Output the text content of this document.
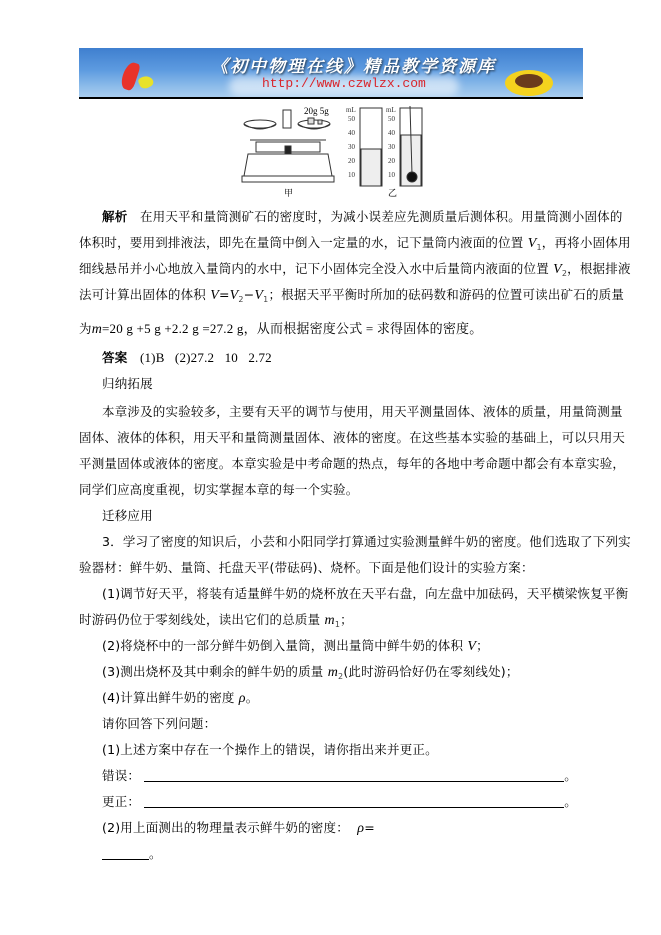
《初中物理在线》精品教学资源库
http://www.czwlzx.com
20g 5g
甲
mL
50
40
30
20
10
mL
50
40
30
20
10
乙
解析 在用天平和量筒测矿石的密度时，为减小误差应先测质量后测体积。用量筒测小固体的
体积时，要用到排液法，即先在量筒中倒入一定量的水，记下量筒内液面的位置 $V_1$，再将小固体用
细线悬吊并小心地放入量筒内的水中，记下小固体完全没入水中后量筒内液面的位置 $V_2$，根据排液
法可计算出固体的体积 $V=V_2-V_1$；根据天平平衡时所加的砝码数和游码的位置可读出矿石的质量
为m=20 g +5 g +2.2 g =27.2 g，从而根据密度公式 = 求得固体的密度。
答案 (1)B   (2)27.2   10   2.72
归纳拓展
本章涉及的实验较多，主要有天平的调节与使用，用天平测量固体、液体的质量，用量筒测量
固体、液体的体积，用天平和量筒测量固体、液体的密度。在这些基本实验的基础上，可以只用天
平测量固体或液体的密度。本章实验是中考命题的热点，每年的各地中考命题中都会有本章实验，
同学们应高度重视，切实掌握本章的每一个实验。
迁移应用
3．学习了密度的知识后，小芸和小阳同学打算通过实验测量鲜牛奶的密度。他们选取了下列实
验器材：鲜牛奶、量筒、托盘天平(带砝码)、烧杯。下面是他们设计的实验方案：
(1)调节好天平，将装有适量鲜牛奶的烧杯放在天平右盘，向左盘中加砝码，天平横梁恢复平衡
时游码仍位于零刻线处，读出它们的总质量 $m_1$；
(2)将烧杯中的一部分鲜牛奶倒入量筒，测出量筒中鲜牛奶的体积 V；
(3)测出烧杯及其中剩余的鲜牛奶的质量 $m_2$(此时游码恰好仍在零刻线处)；
(4)计算出鲜牛奶的密度 ρ。
请你回答下列问题：
(1)上述方案中存在一个操作上的错误，请你指出来并更正。
错误：	。
更正：	。
(2)用上面测出的物理量表示鲜牛奶的密度： ρ=
。
